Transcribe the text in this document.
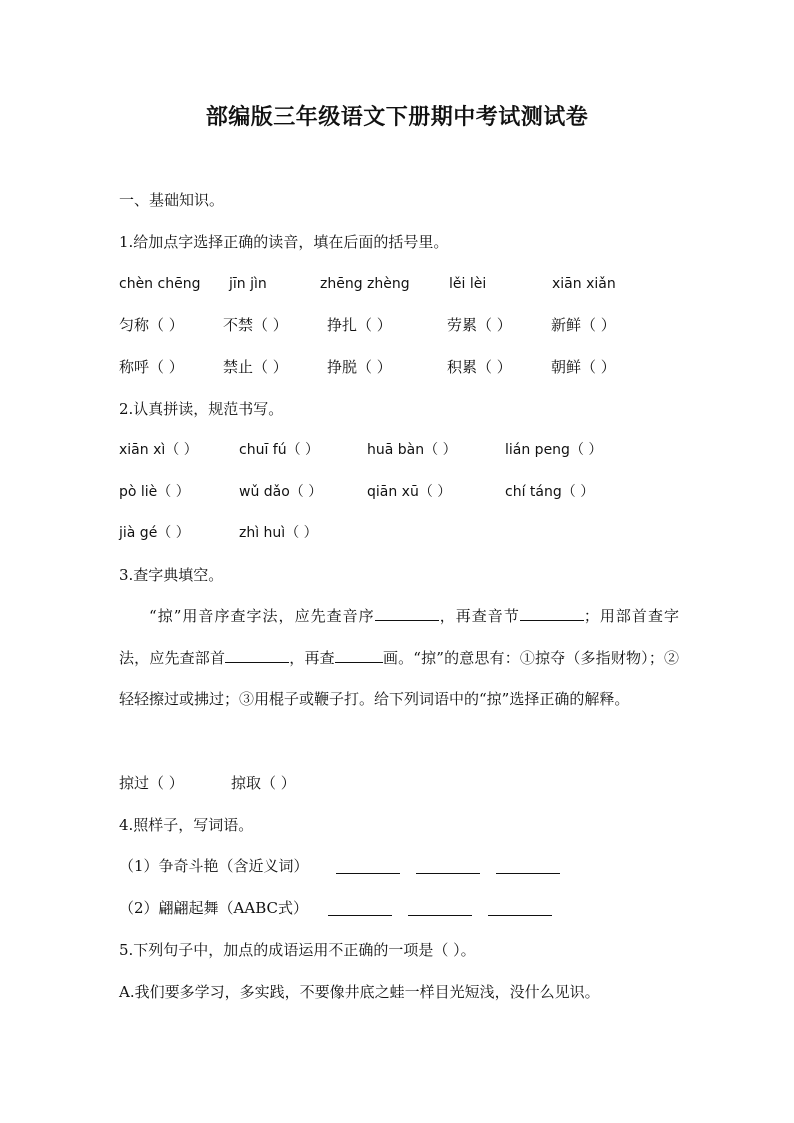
部编版三年级语文下册期中考试测试卷
一、基础知识。
1.给加点字选择正确的读音，填在后面的括号里。
chèn chēng jīn jìn	zhēng zhèng	lěi lèi	xiān xiǎn
匀称（ ）	不禁（ ）	挣扎（ ）	劳累（ ）	新鲜（ ）
称呼（ ）	禁止（ ）	挣脱（ ）	积累（ ）	朝鲜（ ）
2.认真拼读，规范书写。
xiān xì（ ）	chuī fú（ ）	huā bàn（ ）	lián peng（ ）
pò liè（ ）	wǔ dǎo（ ）	qiān xū（ ）	chí táng（ ）
jià gé（ ）	zhì huì（ ）
3.查字典填空。
“掠”用音序查字法，应先查音序	，再查音节	；用部首查字法，应先查部首	，再查	画。“掠”的意思有：①掠夺（多指财物）；②轻轻擦过或拂过；③用棍子或鞭子打。给下列词语中的“掠”选择正确的解释。
掠过（ ）	掠取（ ）
4.照样子，写词语。
（1）争奇斗艳（含近义词）
（2）翩翩起舞（AABC式）
5.下列句子中，加点的成语运用不正确的一项是（ ）。
A.我们要多学习，多实践，不要像井底之蛙一样目光短浅，没什么见识。
